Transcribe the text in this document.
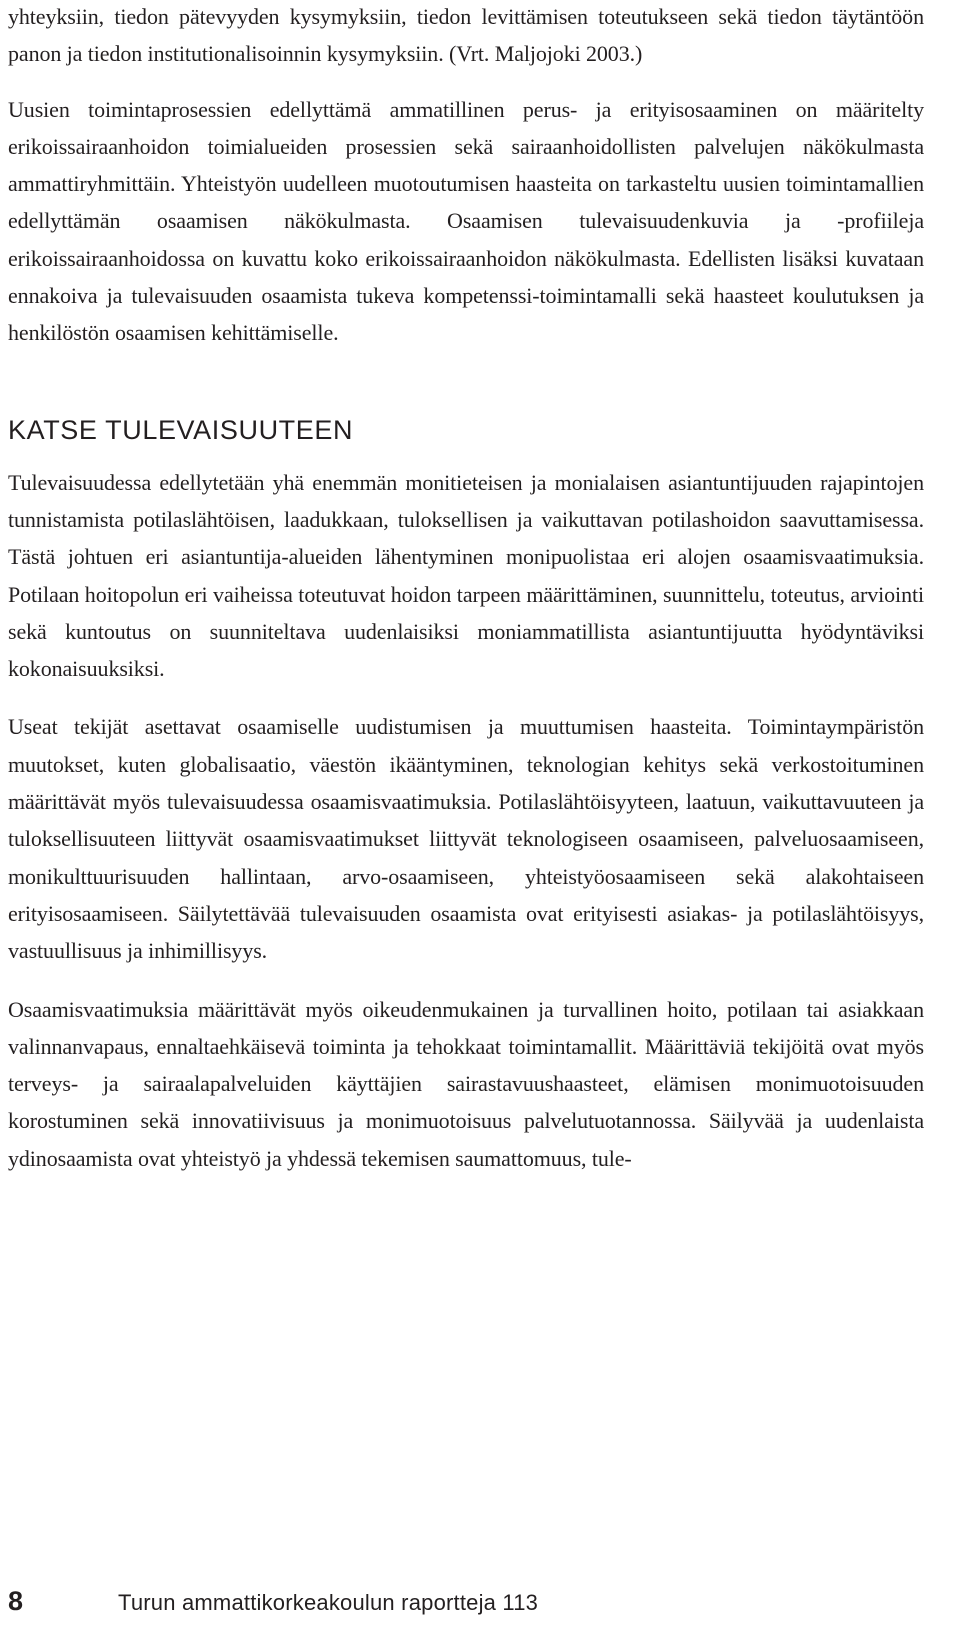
yhteyksiin, tiedon pätevyyden kysymyksiin, tiedon levittämisen toteutukseen sekä tiedon täytäntöön panon ja tiedon institutionalisoinnin kysymyksiin. (Vrt. Maljojoki 2003.)

Uusien toimintaprosessien edellyttämä ammatillinen perus- ja erityisosaaminen on määritelty erikoissairaanhoidon toimialueiden prosessien sekä sairaanhoidollisten palvelujen näkökulmasta ammattiryhmittäin. Yhteistyön uudelleen muotoutumisen haasteita on tarkasteltu uusien toimintamallien edellyttämän osaamisen näkökulmasta. Osaamisen tulevaisuudenkuvia ja -profiileja erikoissairaanhoidossa on kuvattu koko erikoissairaanhoidon näkökulmasta. Edellisten lisäksi kuvataan ennakoiva ja tulevaisuuden osaamista tukeva kompetenssi-toimintamalli sekä haasteet koulutuksen ja henkilöstön osaamisen kehittämiselle.

KATSE TULEVAISUUTEEN

Tulevaisuudessa edellytetään yhä enemmän monitieteisen ja monialaisen asiantuntijuuden rajapintojen tunnistamista potilaslähtöisen, laadukkaan, tuloksellisen ja vaikuttavan potilashoidon saavuttamisessa. Tästä johtuen eri asiantuntija-alueiden lähentyminen monipuolistaa eri alojen osaamisvaatimuksia. Potilaan hoitopolun eri vaiheissa toteutuvat hoidon tarpeen määrittäminen, suunnittelu, toteutus, arviointi sekä kuntoutus on suunniteltava uudenlaisiksi moniammatillista asiantuntijuutta hyödyntäviksi kokonaisuuksiksi.

Useat tekijät asettavat osaamiselle uudistumisen ja muuttumisen haasteita. Toimintaympäristön muutokset, kuten globalisaatio, väestön ikääntyminen, teknologian kehitys sekä verkostoituminen määrittävät myös tulevaisuudessa osaamisvaatimuksia. Potilaslähtöisyyteen, laatuun, vaikuttavuuteen ja tuloksellisuuteen liittyvät osaamisvaatimukset liittyvät teknologiseen osaamiseen, palveluosaamiseen, monikulttuurisuuden hallintaan, arvo-osaamiseen, yhteistyöosaamiseen sekä alakohtaiseen erityisosaamiseen. Säilytettävää tulevaisuuden osaamista ovat erityisesti asiakas- ja potilaslähtöisyys, vastuullisuus ja inhimillisyys.

Osaamisvaatimuksia määrittävät myös oikeudenmukainen ja turvallinen hoito, potilaan tai asiakkaan valinnanvapaus, ennaltaehkäisevä toiminta ja tehokkaat toimintamallit. Määrittäviä tekijöitä ovat myös terveys- ja sairaalapalveluiden käyttäjien sairastavuushaasteet, elämisen monimuotoisuuden korostuminen sekä innovatiivisuus ja monimuotoisuus palvelutuotannossa. Säilyvää ja uudenlaista ydinosaamista ovat yhteistyö ja yhdessä tekemisen saumattomuus, tule-

8	Turun ammattikorkeakoulun raportteja 113
